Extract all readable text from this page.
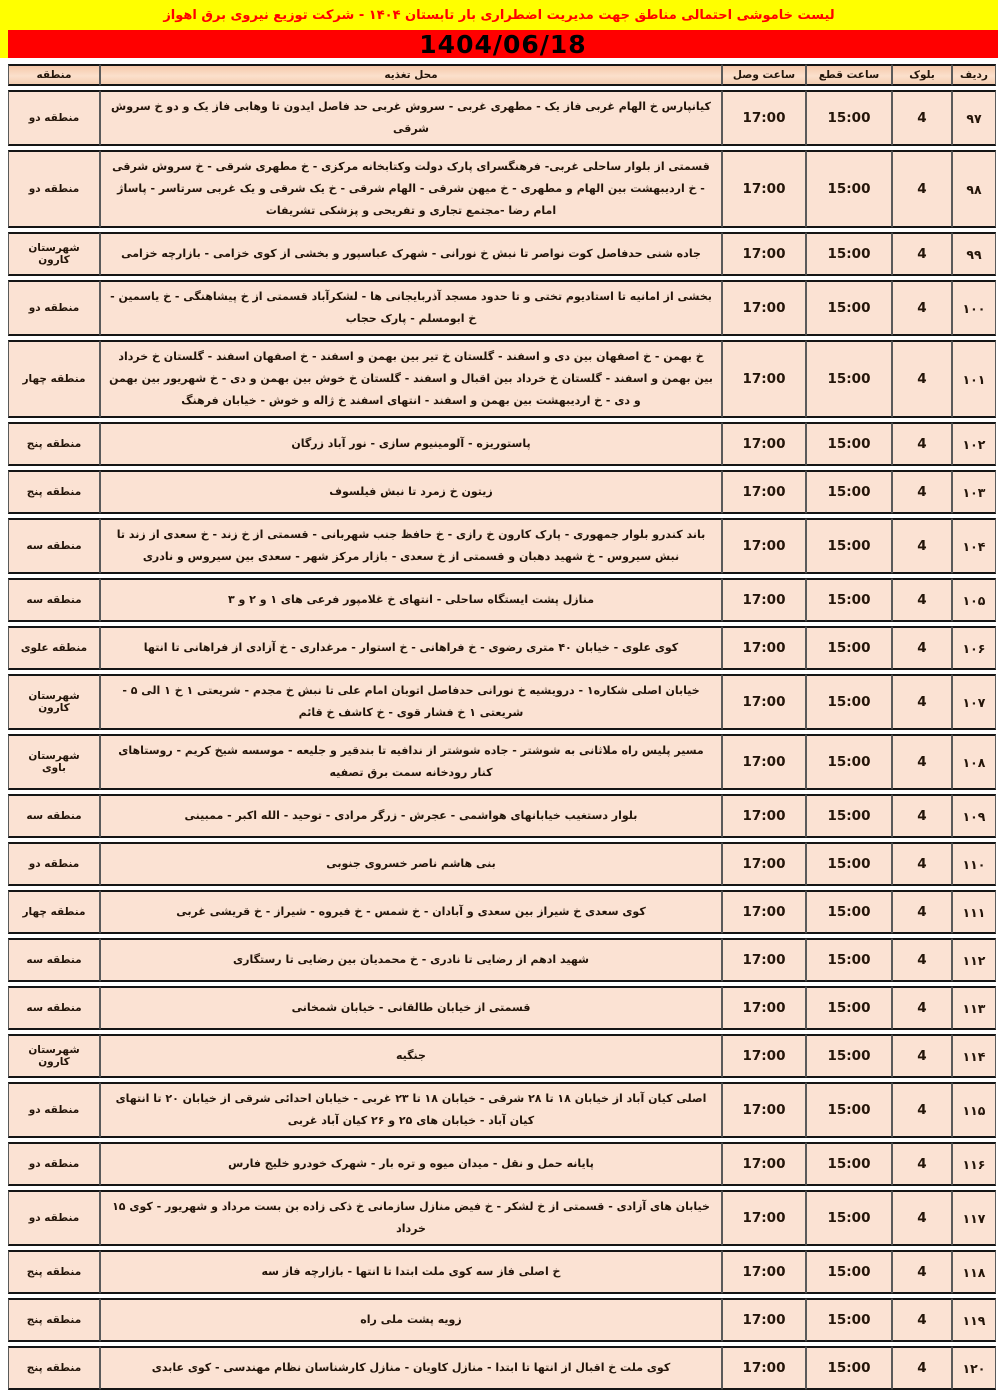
لیست خاموشی احتمالی مناطق جهت مدیریت اضطراری بار تابستان ۱۴۰۴ - شرکت توزیع نیروی برق اهواز
1404/06/18
ردیف	بلوک	ساعت قطع	ساعت وصل	محل تغذیه	منطقه
۹۷	4	15:00	17:00	کیانپارس خ الهام غربی فاز یک - مطهری غربی - سروش غربی حد فاصل ایدون تا وهابی فاز یک و دو خ سروش شرقی	منطقه دو
۹۸	4	15:00	17:00	قسمتی از بلوار ساحلی غربی- فرهنگسرای پارک دولت وکتابخانه مرکزی - خ مطهری شرقی - خ سروش شرقی - خ اردیبهشت بین الهام و مطهری - خ میهن شرقی - الهام شرقی - خ یک شرقی و یک غربی سرتاسر - پاساژ امام رضا -مجتمع تجاری و تفریحی و پزشکی تشریفات	منطقه دو
۹۹	4	15:00	17:00	جاده شنی حدفاصل کوت نواصر تا نبش خ نورانی - شهرک عباسپور و بخشی از کوی خزامی - بازارچه خزامی	شهرستان کارون
۱۰۰	4	15:00	17:00	بخشی از امانیه تا استادیوم تختی و تا حدود مسجد آذربایجانی ها - لشکرآباد قسمتی از خ پیشاهنگی - خ یاسمین - خ ابومسلم - پارک حجاب	منطقه دو
۱۰۱	4	15:00	17:00	خ بهمن - خ اصفهان بین دی و اسفند - گلستان خ تیر بین بهمن و اسفند - خ اصفهان اسفند - گلستان خ خرداد بین بهمن و اسفند - گلستان خ خرداد بین اقبال و اسفند - گلستان خ خوش بین بهمن و دی - خ شهریور بین بهمن و دی - خ اردیبهشت بین بهمن و اسفند - انتهای اسفند خ ژاله و خوش - خیابان فرهنگ	منطقه چهار
۱۰۲	4	15:00	17:00	پاستوریزه - آلومینیوم سازی - نور آباد زرگان	منطقه پنج
۱۰۳	4	15:00	17:00	زیتون خ زمرد تا نبش فیلسوف	منطقه پنج
۱۰۴	4	15:00	17:00	باند کندرو بلوار جمهوری - پارک کارون خ رازی - خ حافظ جنب شهربانی - قسمتی از خ زند - خ سعدی از زند تا نبش سیروس - خ شهید دهبان و قسمتی از خ سعدی - بازار مرکز شهر - سعدی بین سیروس و نادری	منطقه سه
۱۰۵	4	15:00	17:00	منازل پشت ایستگاه ساحلی - انتهای خ غلامپور فرعی های ۱ و ۲ و ۳	منطقه سه
۱۰۶	4	15:00	17:00	کوی علوی - خیابان ۴۰ متری رضوی - خ فراهانی - خ استوار - مرغداری - خ آزادی از فراهانی تا انتها	منطقه علوی
۱۰۷	4	15:00	17:00	خیابان اصلی شکاره۱ - درویشیه خ نورانی حدفاصل اتوبان امام علی تا نبش خ مجدم - شریعتی ۱ خ ۱ الی ۵ - شریعتی ۱ خ فشار قوی - خ کاشف خ قائم	شهرستان کارون
۱۰۸	4	15:00	17:00	مسیر پلیس راه ملاثانی به شوشتر - جاده شوشتر از ندافیه تا بندقیر و جلیعه - موسسه شیخ کریم - روستاهای کنار رودخانه سمت برق تصفیه	شهرستان باوی
۱۰۹	4	15:00	17:00	بلوار دستغیب خیابانهای هواشمی - عجرش - زرگر مرادی - توحید - الله اکبر - ممبینی	منطقه سه
۱۱۰	4	15:00	17:00	بنی هاشم ناصر خسروی جنوبی	منطقه دو
۱۱۱	4	15:00	17:00	کوی سعدی خ شیراز بین سعدی و آبادان - خ شمس - خ فیروه - شیراز - خ قریشی غربی	منطقه چهار
۱۱۲	4	15:00	17:00	شهید ادهم از رضایی تا نادری - خ محمدیان بین رضایی تا رستگاری	منطقه سه
۱۱۳	4	15:00	17:00	قسمتی از خیابان طالقانی - خیابان شمخانی	منطقه سه
۱۱۴	4	15:00	17:00	جنگیه	شهرستان کارون
۱۱۵	4	15:00	17:00	اصلی کیان آباد از خیابان ۱۸ تا ۲۸ شرقی - خیابان ۱۸ تا ۲۳ غربی - خیابان احدائی شرقی از خیابان ۲۰ تا انتهای کیان آباد - خیابان های ۲۵ و ۲۶ کیان آباد غربی	منطقه دو
۱۱۶	4	15:00	17:00	پایانه حمل و نقل - میدان میوه و تره بار - شهرک خودرو خلیج فارس	منطقه دو
۱۱۷	4	15:00	17:00	خیابان های آزادی - قسمتی از خ لشکر - خ فیض منازل سازمانی خ ذکی زاده بن بست مرداد و شهریور - کوی ۱۵ خرداد	منطقه دو
۱۱۸	4	15:00	17:00	خ اصلی فاز سه کوی ملت ابتدا تا انتها - بازارچه فاز سه	منطقه پنج
۱۱۹	4	15:00	17:00	زویه پشت ملی راه	منطقه پنج
۱۲۰	4	15:00	17:00	کوی ملت خ اقبال از انتها تا ابتدا - منازل کاویان - منازل کارشناسان نظام مهندسی - کوی عابدی	منطقه پنج
